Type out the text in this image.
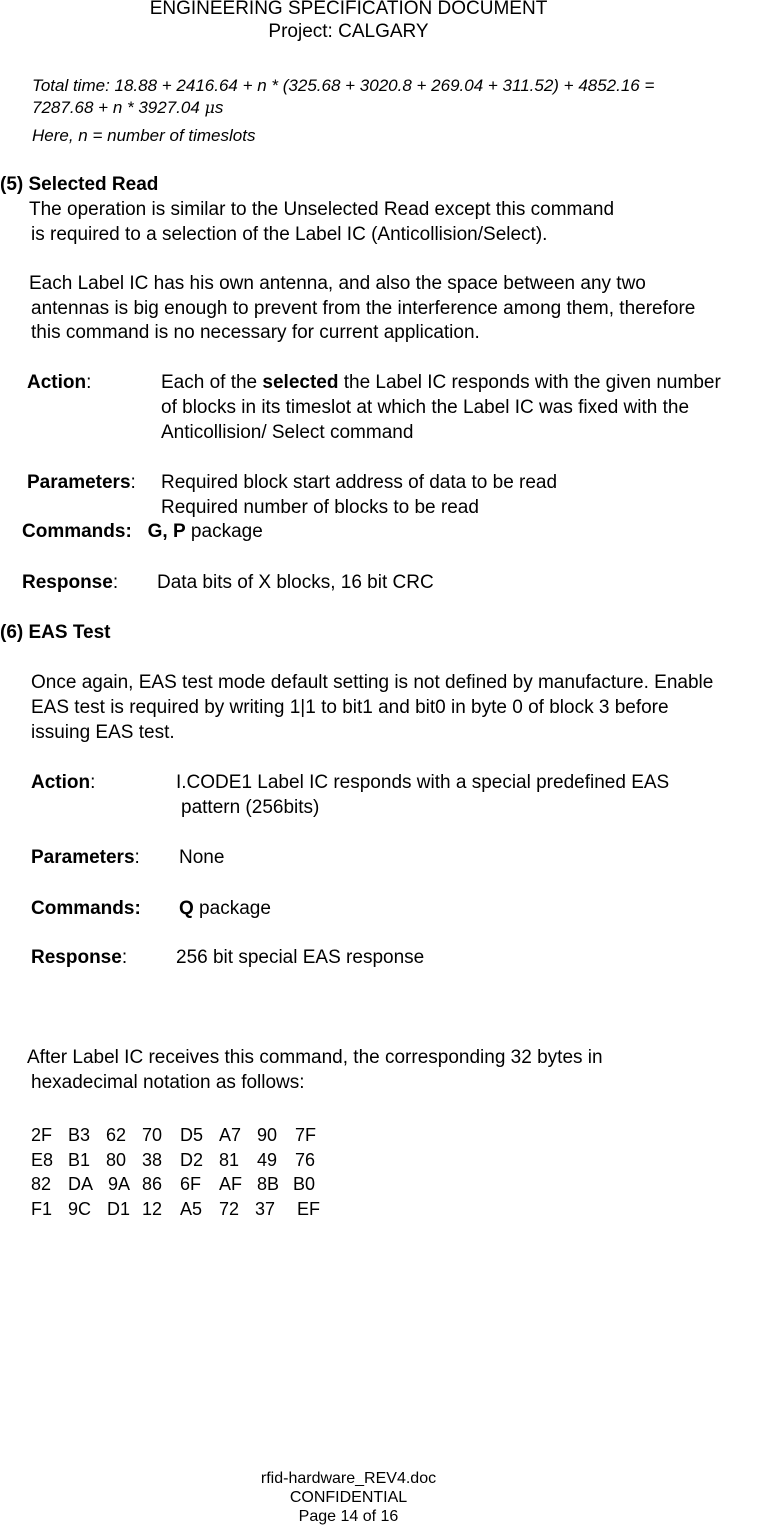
ENGINEERING SPECIFICATION DOCUMENT
Project: CALGARY
Total time: 18.88 + 2416.64 + n * (325.68 + 3020.8 + 269.04 + 311.52) + 4852.16 =
7287.68 + n * 3927.04 μs
Here, n = number of timeslots
(5) Selected Read
The operation is similar to the Unselected Read except this command
is required to a selection of the Label IC (Anticollision/Select).
Each Label IC has his own antenna, and also the space between any two
antennas is big enough to prevent from the interference among them, therefore
this command is no necessary for current application.
Action:	Each of the selected the Label IC responds with the given number
of blocks in its timeslot at which the Label IC was fixed with the
Anticollision/ Select command
Parameters: Required block start address of data to be read
Required number of blocks to be read
Commands: G, P package
Response: Data bits of X blocks, 16 bit CRC
(6) EAS Test
Once again, EAS test mode default setting is not defined by manufacture. Enable
EAS test is required by writing 1|1 to bit1 and bit0 in byte 0 of block 3 before
issuing EAS test.
Action:	I.CODE1 Label IC responds with a special predefined EAS
pattern (256bits)
Parameters: None
Commands: Q package
Response:	256 bit special EAS response
After Label IC receives this command, the corresponding 32 bytes in
hexadecimal notation as follows:
2F B3 62 70 D5 A7 90 7F
E8 B1 80 38 D2 81 49 76
82 DA 9A 86 6F AF 8B B0
F1 9C D1 12 A5 72 37 EF
rfid-hardware_REV4.doc
CONFIDENTIAL
Page 14 of 16
